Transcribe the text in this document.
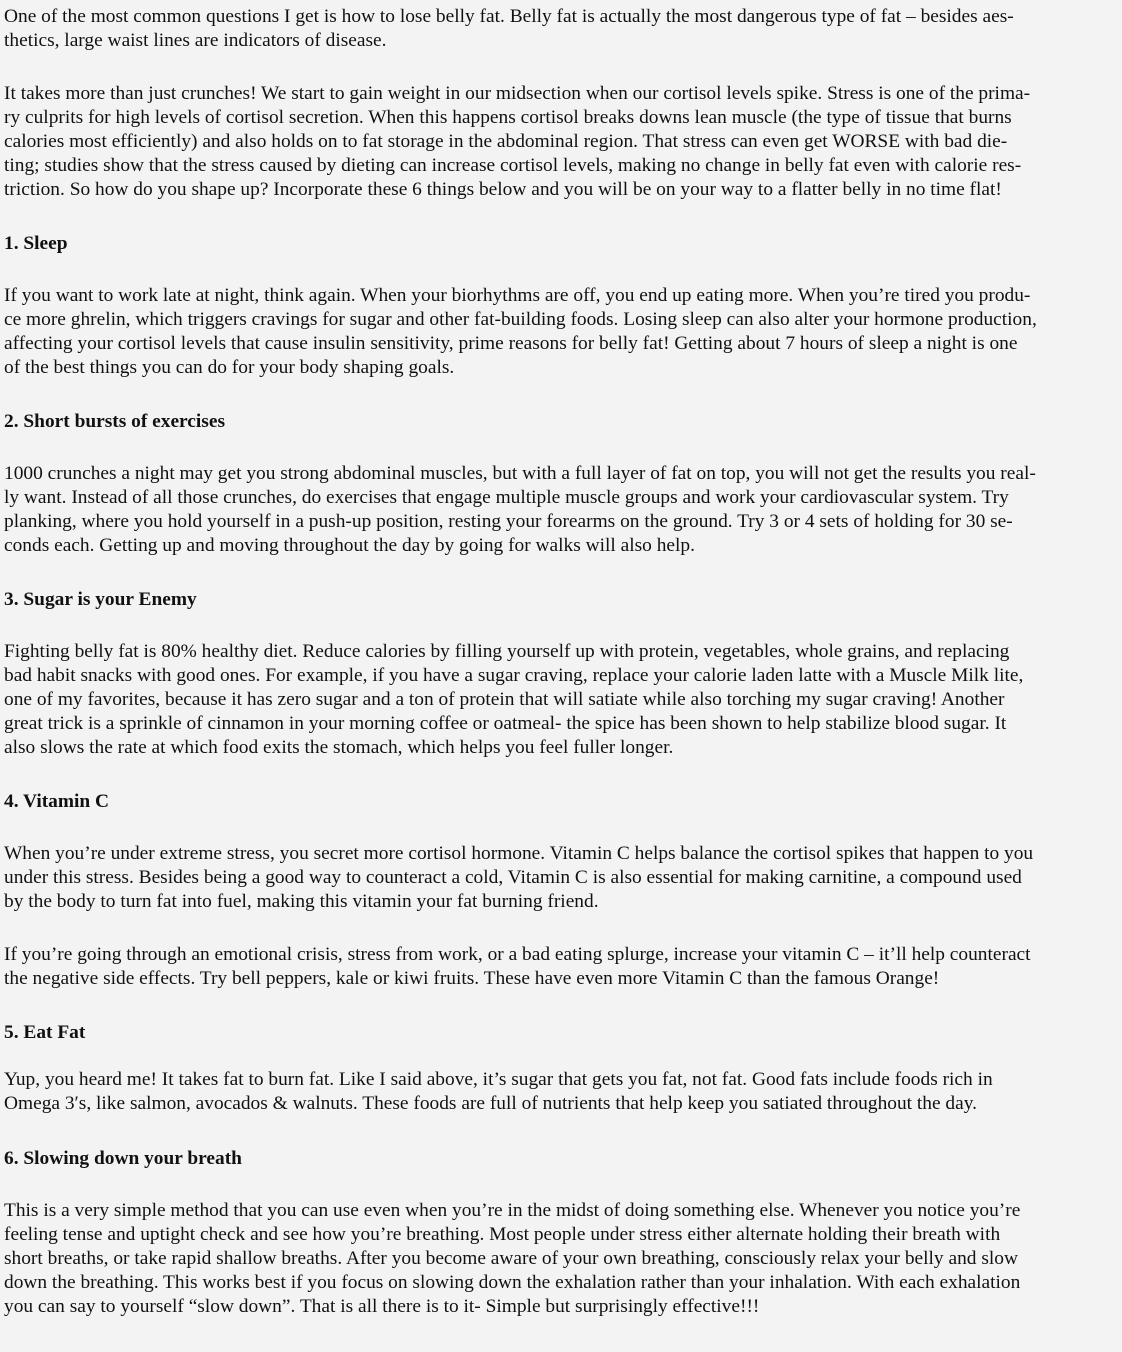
One of the most common questions I get is how to lose belly fat. Belly fat is actually the most dangerous type of fat – besides aes-

thetics, large waist lines are indicators of disease.

It takes more than just crunches! We start to gain weight in our midsection when our cortisol levels spike. Stress is one of the prima-

ry culprits for high levels of cortisol secretion. When this happens cortisol breaks downs lean muscle (the type of tissue that burns

calories most efficiently) and also holds on to fat storage in the abdominal region. That stress can even get WORSE with bad die-

ting; studies show that the stress caused by dieting can increase cortisol levels, making no change in belly fat even with calorie res-

triction. So how do you shape up? Incorporate these 6 things below and you will be on your way to a flatter belly in no time flat!

1. Sleep

If you want to work late at night, think again. When your biorhythms are off, you end up eating more. When you’re tired you produ-

ce more ghrelin, which triggers cravings for sugar and other fat-building foods. Losing sleep can also alter your hormone production,

affecting your cortisol levels that cause insulin sensitivity, prime reasons for belly fat! Getting about 7 hours of sleep a night is one

of the best things you can do for your body shaping goals.

2. Short bursts of exercises

1000 crunches a night may get you strong abdominal muscles, but with a full layer of fat on top, you will not get the results you real-

ly want. Instead of all those crunches, do exercises that engage multiple muscle groups and work your cardiovascular system. Try

planking, where you hold yourself in a push-up position, resting your forearms on the ground. Try 3 or 4 sets of holding for 30 se-

conds each. Getting up and moving throughout the day by going for walks will also help.

3. Sugar is your Enemy

Fighting belly fat is 80% healthy diet. Reduce calories by filling yourself up with protein, vegetables, whole grains, and replacing

bad habit snacks with good ones. For example, if you have a sugar craving, replace your calorie laden latte with a Muscle Milk lite,

one of my favorites, because it has zero sugar and a ton of protein that will satiate while also torching my sugar craving! Another

great trick is a sprinkle of cinnamon in your morning coffee or oatmeal- the spice has been shown to help stabilize blood sugar. It

also slows the rate at which food exits the stomach, which helps you feel fuller longer.

4. Vitamin C

When you’re under extreme stress, you secret more cortisol hormone. Vitamin C helps balance the cortisol spikes that happen to you

under this stress. Besides being a good way to counteract a cold, Vitamin C is also essential for making carnitine, a compound used

by the body to turn fat into fuel, making this vitamin your fat burning friend.

If you’re going through an emotional crisis, stress from work, or a bad eating splurge, increase your vitamin C – it’ll help counteract

the negative side effects. Try bell peppers, kale or kiwi fruits. These have even more Vitamin C than the famous Orange!

5. Eat Fat

Yup, you heard me! It takes fat to burn fat. Like I said above, it’s sugar that gets you fat, not fat. Good fats include foods rich in

Omega 3′s, like salmon, avocados & walnuts. These foods are full of nutrients that help keep you satiated throughout the day.

6. Slowing down your breath

This is a very simple method that you can use even when you’re in the midst of doing something else. Whenever you notice you’re

feeling tense and uptight check and see how you’re breathing. Most people under stress either alternate holding their breath with

short breaths, or take rapid shallow breaths. After you become aware of your own breathing, consciously relax your belly and slow

down the breathing. This works best if you focus on slowing down the exhalation rather than your inhalation. With each exhalation

you can say to yourself “slow down”. That is all there is to it- Simple but surprisingly effective!!!
